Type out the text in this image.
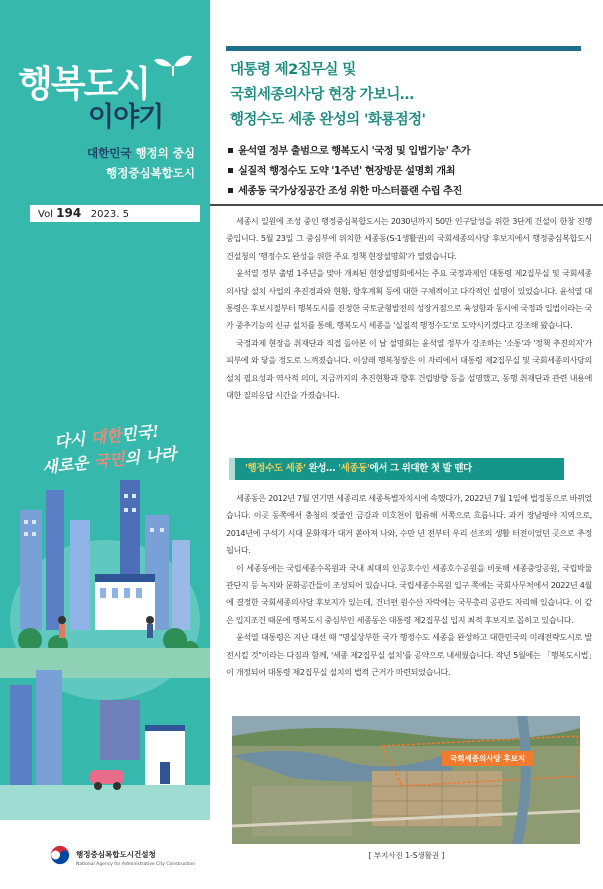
행복도시
이야기
대한민국 행정의 중심
행정중심복합도시
Vol 194 2023. 5
다시 대한민국!
새로운 국민의 나라
행정중심복합도시건설청
National Agency for Administrative City Construction
대통령 제2집무실 및
국회세종의사당 현장 가보니…
행정수도 세종 완성의 '화룡점정'
윤석열 정부 출범으로 행복도시 '국정 및 입법기능' 추가
실질적 행정수도 도약 '1주년' 현장방문 설명회 개최
세종동 국가상징공간 조성 위한 마스터플랜 수립 추진

세종시 일원에 조성 중인 행정중심복합도시는 2030년까지 50만 인구달성을 위한 3단계 건설이 한창 진행 중입니다. 5월 23일 그 중심부에 위치한 세종동(S-1생활권)의 국회세종의사당 후보지에서 행정중심복합도시건설청의 '행정수도 완성을 위한 주요 정책 현장설명회'가 열렸습니다.

윤석열 정부 출범 1주년을 맞아 개최된 현장설명회에서는 주요 국정과제인 대통령 제2집무실 및 국회세종의사당 설치 사업의 추진경과와 현황, 향후계획 등에 대한 구체적이고 다각적인 설명이 있었습니다. 윤석열 대통령은 후보시절부터 행복도시를 진정한 국토균형발전의 성장거점으로 육성함과 동시에 국정과 입법이라는 국가 중추기능의 신규 설치를 통해, 행복도시 세종을 '실질적 행정수도'로 도약시키겠다고 강조해 왔습니다.

국정과제 현장을 취재단과 직접 돌아본 이 날 설명회는 윤석열 정부가 강조하는 '소통'과 '정책 추진의지'가 피부에 와 닿을 정도로 느껴졌습니다. 이상래 행복청장은 이 자리에서 대통령 제2집무실 및 국회세종의사당의 설치 필요성과 역사적 의미, 지금까지의 추진현황과 향후 건립방향 등을 설명했고, 동행 취재단과 관련 내용에 대한 질의응답 시간을 가졌습니다.

'행정수도 세종' 완성… '세종동'에서 그 위대한 첫 발 뗀다

세종동은 2012년 7월 연기면 세종리로 세종특별자치시에 속했다가, 2022년 7월 1일에 법정동으로 바뀌었습니다. 이곳 동쪽에서 충청의 젖줄인 금강과 미호천이 합류해 서쪽으로 흐릅니다. 과거 장남평야 지역으로, 2014년에 구석기 시대 문화재가 대거 쏟아져 나와, 수만 년 전부터 우리 선조의 생활 터전이었던 곳으로 추정됩니다.

이 세종동에는 국립세종수목원과 국내 최대의 인공호수인 세종호수공원을 비롯해 세종중앙공원, 국립박물관단지 등 녹지와 문화공간들이 조성되어 있습니다. 국립세종수목원 입구 쪽에는 국회사무처에서 2022년 4월에 결정한 국회세종의사당 후보지가 있는데, 건너편 원수산 자락에는 국무총리 공관도 자리해 있습니다. 이 같은 입지조건 때문에 행복도시 중심부인 세종동은 대통령 제2집무실 입지 최적 후보지로 꼽히고 있습니다.

윤석열 대통령은 지난 대선 때 "명실상부한 국가 행정수도 세종을 완성하고 대한민국의 미래전략도시로 발전시킬 것"이라는 다짐과 함께, '세종 제2집무실 설치'를 공약으로 내세웠습니다. 작년 5월에는 「행복도시법」이 개정되어 대통령 제2집무실 설치의 법적 근거가 마련되었습니다.

국회세종의사당 후보지
[ 부지사진 1-S생활권 ]
